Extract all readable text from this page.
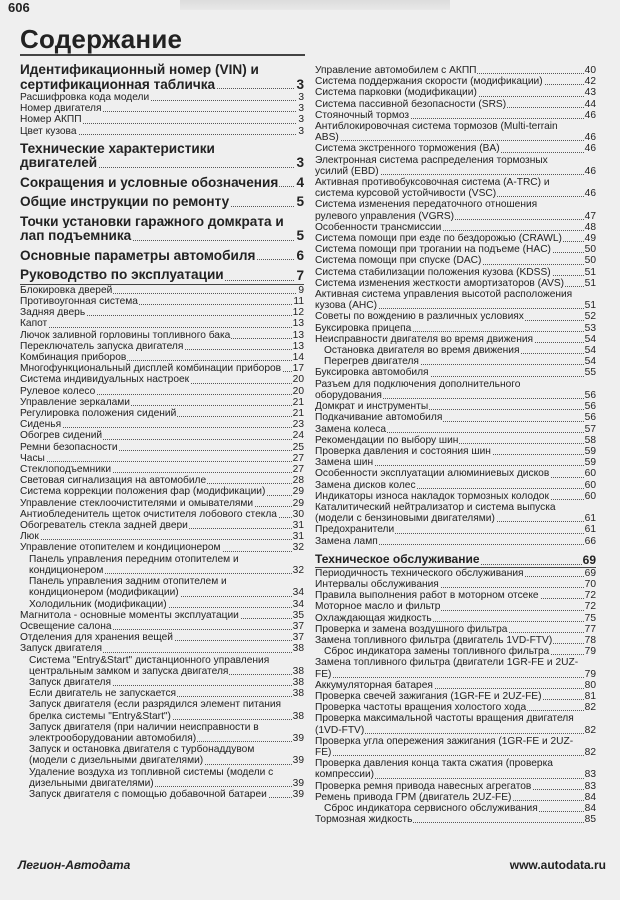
606
Содержание
Идентификационный номер (VIN) и сертификационная табличка	3
Расшифровка кода модели	3
Номер двигателя	3
Номер АКПП	3
Цвет кузова	3
Технические характеристики двигателей	3
Сокращения и условные обозначения 4
Общие инструкции по ремонту	5
Точки установки гаражного домкрата и лап подъемника	5
Основные параметры автомобиля	6
Руководство по эксплуатации	7
Блокировка дверей	9
Противоугонная система	11
Задняя дверь	12
Капот	13
Лючок заливной горловины топливного бака	13
Переключатель запуска двигателя	13
Комбинация приборов	14
Многофункциональный дисплей комбинации приборов 17
Система индивидуальных настроек	20
Рулевое колесо	20
Управление зеркалами	21
Регулировка положения сидений	21
Сиденья	23
Обогрев сидений	24
Ремни безопасности	25
Часы	27
Стеклоподъемники	27
Световая сигнализация на автомобиле	28
Система коррекции положения фар (модификации)	29
Управление стеклоочистителями и омывателями	29
Антиобледенитель щеток очистителя лобового стекла 30
Обогреватель стекла задней двери	31
Люк	31
Управление отопителем и кондиционером	32
Панель управления передним отопителем и кондиционером	32
Панель управления задним отопителем и кондиционером (модификации)	34
Холодильник (модификации)	34
Магнитола - основные моменты эксплуатации	35
Освещение салона	37
Отделения для хранения вещей	37
Запуск двигателя	38
Система "Entry&Start" дистанционного управления центральным замком и запуска двигателя	38
Запуск двигателя	38
Если двигатель не запускается	38
Запуск двигателя (если разрядился элемент питания брелка системы "Entry&Start")	38
Запуск двигателя (при наличии неисправности в электрооборудовании автомобиля)	39
Запуск и остановка двигателя с турбонаддувом (модели с дизельными двигателями)	39
Удаление воздуха из топливной системы (модели с дизельными двигателями)	39
Запуск двигателя с помощью добавочной батареи	39
Управление автомобилем с АКПП	40
Система поддержания скорости (модификации)	42
Система парковки (модификации)	43
Система пассивной безопасности (SRS)	44
Стояночный тормоз	46
Антиблокировочная система тормозов (Multi-terrain ABS)	46
Система экстренного торможения (BA)	46
Электронная система распределения тормозных усилий (EBD)	46
Активная противобуксовочная система (A-TRC) и система курсовой устойчивости (VSC)	46
Система изменения передаточного отношения рулевого управления (VGRS)	47
Особенности трансмиссии	48
Система помощи при езде по бездорожью (CRAWL) 49
Система помощи при трогании на подъеме (HAC)	50
Система помощи при спуске (DAC)	50
Система стабилизации положения кузова (KDSS)	51
Система изменения жесткости амортизаторов (AVS) 51
Активная система управления высотой расположения кузова (AHC)	51
Советы по вождению в различных условиях	52
Буксировка прицепа	53
Неисправности двигателя во время движения	54
Остановка двигателя во время движения	54
Перегрев двигателя	54
Буксировка автомобиля	55
Разъем для подключения дополнительного оборудования	56
Домкрат и инструменты	56
Подкачивание автомобиля	56
Замена колеса	57
Рекомендации по выбору шин	58
Проверка давления и состояния шин	59
Замена шин	59
Особенности эксплуатации алюминиевых дисков	60
Замена дисков колес	60
Индикаторы износа накладок тормозных колодок	60
Каталитический нейтрализатор и система выпуска (модели с бензиновыми двигателями)	61
Предохранители	61
Замена ламп	66
Техническое обслуживание	69
Периодичность технического обслуживания	69
Интервалы обслуживания	70
Правила выполнения работ в моторном отсеке	72
Моторное масло и фильтр	72
Охлаждающая жидкость	75
Проверка и замена воздушного фильтра	77
Замена топливного фильтра (двигатель 1VD-FTV)	78
Сброс индикатора замены топливного фильтра	79
Замена топливного фильтра (двигатели 1GR-FE и 2UZ-FE)	79
Аккумуляторная батарея	80
Проверка свечей зажигания (1GR-FE и 2UZ-FE)	81
Проверка частоты вращения холостого хода	82
Проверка максимальной частоты вращения двигателя (1VD-FTV)	82
Проверка угла опережения зажигания (1GR-FE и 2UZ-FE)	82
Проверка давления конца такта сжатия (проверка компрессии)	83
Проверка ремня привода навесных агрегатов	83
Ремень привода ГРМ (двигатель 2UZ-FE)	84
Сброс индикатора сервисного обслуживания	84
Тормозная жидкость	85
Легион-Автодата	www.autodata.ru
